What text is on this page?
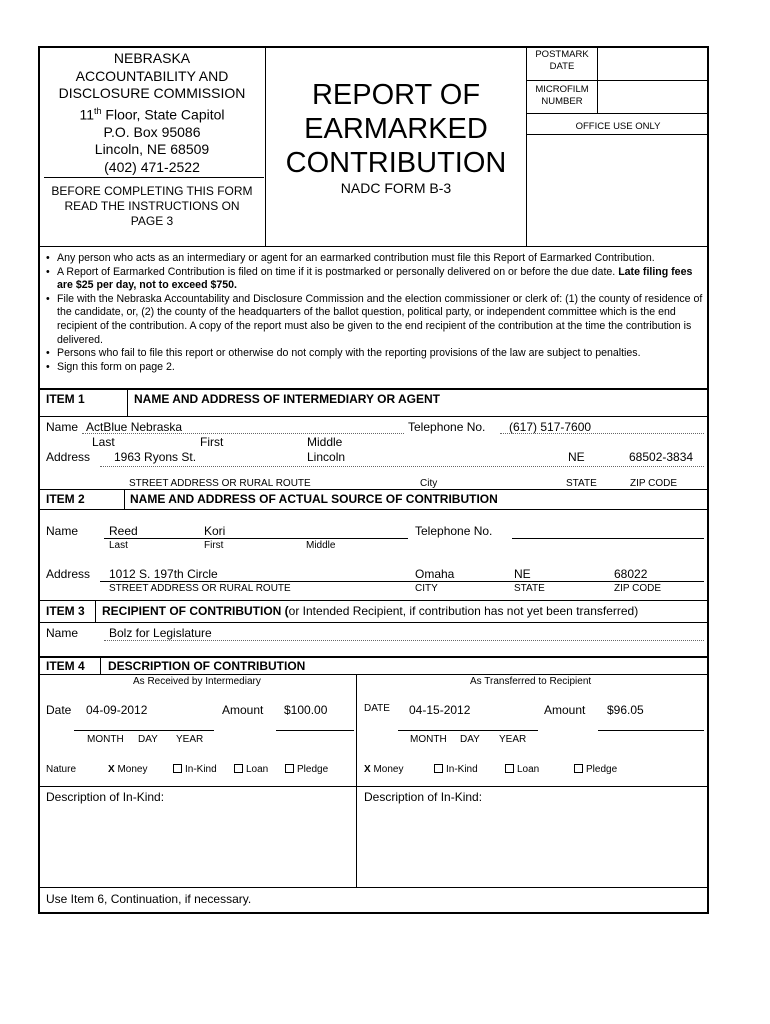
NEBRASKA
ACCOUNTABILITY AND
DISCLOSURE COMMISSION
11th Floor, State Capitol
P.O. Box 95086
Lincoln, NE 68509
(402) 471-2522
BEFORE COMPLETING THIS FORM
READ THE INSTRUCTIONS ON
PAGE 3
REPORT OF
EARMARKED
CONTRIBUTION
NADC FORM B-3
POSTMARK
DATE
MICROFILM
NUMBER
OFFICE USE ONLY
• Any person who acts as an intermediary or agent for an earmarked contribution must file this Report of Earmarked Contribution.
• A Report of Earmarked Contribution is filed on time if it is postmarked or personally delivered on or before the due date. Late filing fees are $25 per day, not to exceed $750.
• File with the Nebraska Accountability and Disclosure Commission and the election commissioner or clerk of: (1) the county of residence of the candidate, or, (2) the county of the headquarters of the ballot question, political party, or independent committee which is the end recipient of the contribution. A copy of the report must also be given to the end recipient of the contribution at the time the contribution is delivered.
• Persons who fail to file this report or otherwise do not comply with the reporting provisions of the law are subject to penalties.
• Sign this form on page 2.
ITEM 1	NAME AND ADDRESS OF INTERMEDIARY OR AGENT
Name ActBlue Nebraska	Telephone No. (617) 517-7600
Last	First	Middle
Address 1963 Ryons St.	Lincoln	NE	68502-3834
STREET ADDRESS OR RURAL ROUTE	City	STATE	ZIP CODE
ITEM 2	NAME AND ADDRESS OF ACTUAL SOURCE OF CONTRIBUTION
Name	Reed	Kori	Telephone No.
Last	First	Middle
Address 1012 S. 197th Circle	Omaha	NE	68022
STREET ADDRESS OR RURAL ROUTE	CITY	STATE	ZIP CODE
ITEM 3 RECIPIENT OF CONTRIBUTION (or Intended Recipient, if contribution has not yet been transferred)
Name	Bolz for Legislature
ITEM 4 DESCRIPTION OF CONTRIBUTION
As Received by Intermediary
Date 04-09-2012	Amount $100.00
MONTH DAY YEAR
Nature	X Money	In-Kind	Loan	Pledge
As Transferred to Recipient
DATE 04-15-2012	Amount $96.05
MONTH DAY YEAR
X Money	In-Kind	Loan	Pledge
Description of In-Kind:	Description of In-Kind:
Use Item 6, Continuation, if necessary.
